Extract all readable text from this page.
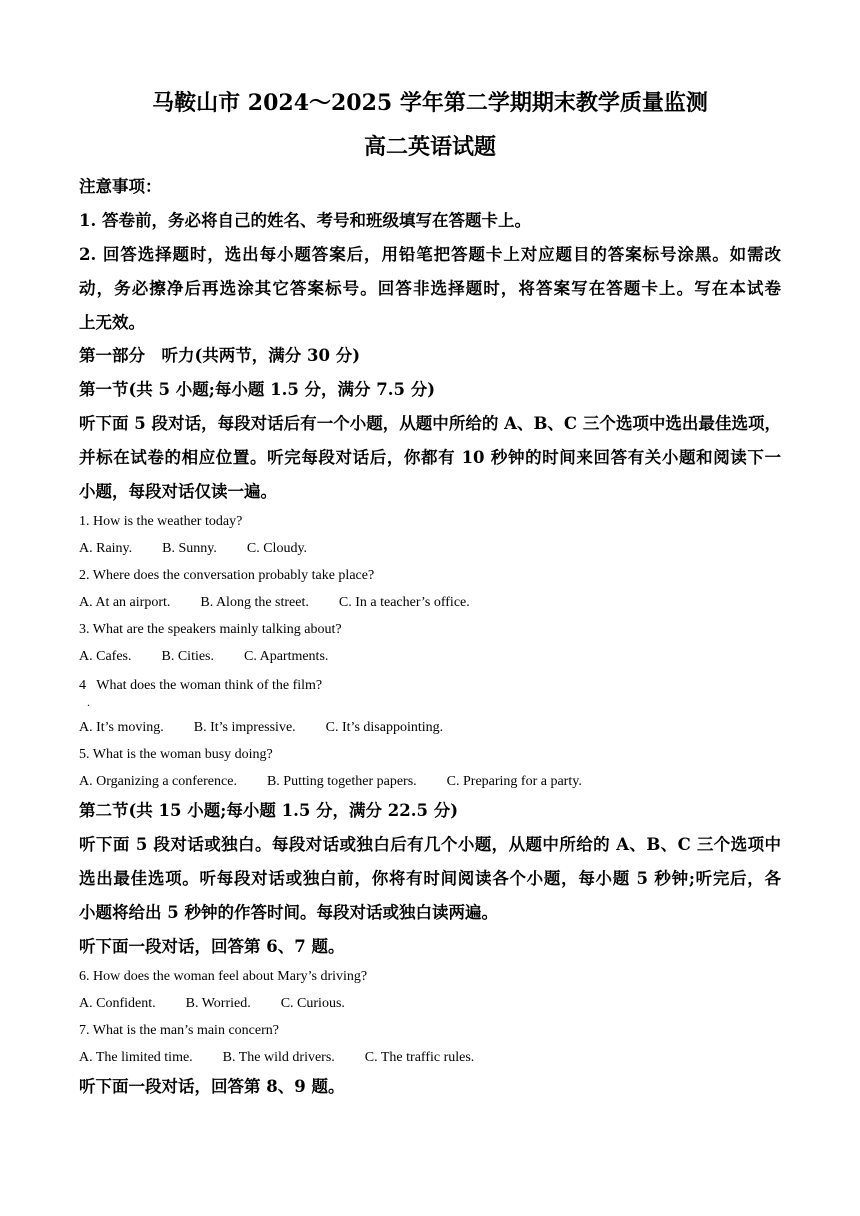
马鞍山市 2024～2025 学年第二学期期末教学质量监测
高二英语试题
注意事项：
1. 答卷前，务必将自己的姓名、考号和班级填写在答题卡上。
2. 回答选择题时，选出每小题答案后，用铅笔把答题卡上对应题目的答案标号涂黑。如需改
动，务必擦净后再选涂其它答案标号。回答非选择题时，将答案写在答题卡上。写在本试卷
上无效。
第一部分　听力(共两节，满分 30 分)
第一节(共 5 小题;每小题 1.5 分，满分 7.5 分)
听下面 5 段对话，每段对话后有一个小题，从题中所给的 A、B、C 三个选项中选出最佳选项，
并标在试卷的相应位置。听完每段对话后，你都有 10 秒钟的时间来回答有关小题和阅读下一
小题，每段对话仅读一遍。
1. How is the weather today?
A. Rainy. B. Sunny. C. Cloudy.
2. Where does the conversation probably take place?
A. At an airport. B. Along the street. C. In a teacher’s office.
3. What are the speakers mainly talking about?
A. Cafes. B. Cities. C. Apartments.
4   What does the woman think of the film?
.
A. It’s moving. B. It’s impressive. C. It’s disappointing.
5. What is the woman busy doing?
A. Organizing a conference. B. Putting together papers. C. Preparing for a party.
第二节(共 15 小题;每小题 1.5 分，满分 22.5 分)
听下面 5 段对话或独白。每段对话或独白后有几个小题，从题中所给的 A、B、C 三个选项中
选出最佳选项。听每段对话或独白前，你将有时间阅读各个小题，每小题 5 秒钟;听完后，各
小题将给出 5 秒钟的作答时间。每段对话或独白读两遍。
听下面一段对话，回答第 6、7 题。
6. How does the woman feel about Mary’s driving?
A. Confident. B. Worried. C. Curious.
7. What is the man’s main concern?
A. The limited time. B. The wild drivers. C. The traffic rules.
听下面一段对话，回答第 8、9 题。
